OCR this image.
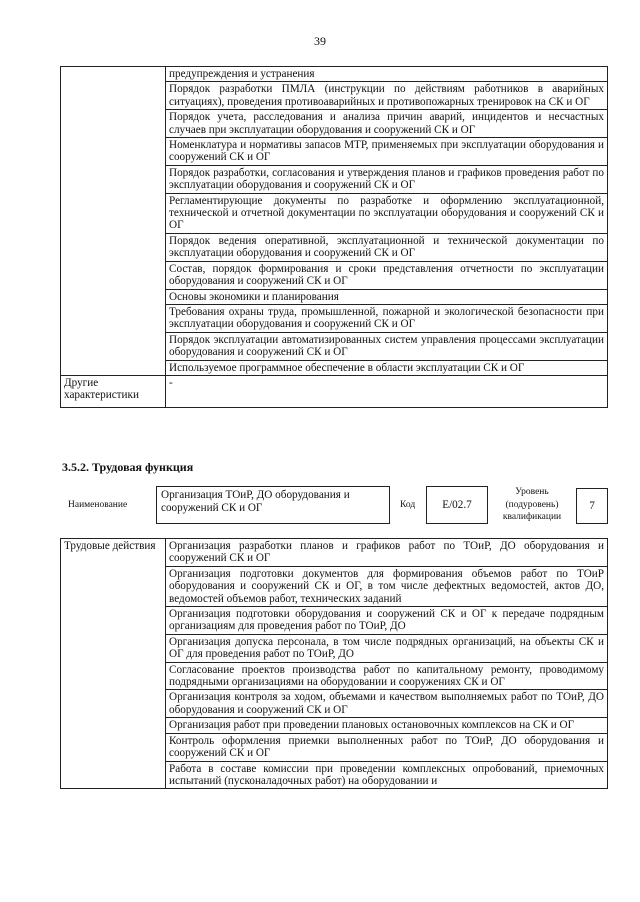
39
	предупреждения и устранения
	Порядок разработки ПМЛА (инструкции по действиям работников в аварийных ситуациях), проведения противоаварийных и противопожарных тренировок на СК и ОГ
	Порядок учета, расследования и анализа причин аварий, инцидентов и несчастных случаев при эксплуатации оборудования и сооружений СК и ОГ
	Номенклатура и нормативы запасов МТР, применяемых при эксплуатации оборудования и сооружений СК и ОГ
	Порядок разработки, согласования и утверждения планов и графиков проведения работ по эксплуатации оборудования и сооружений СК и ОГ
	Регламентирующие документы по разработке и оформлению эксплуатационной, технической и отчетной документации по эксплуатации оборудования и сооружений СК и ОГ
	Порядок ведения оперативной, эксплуатационной и технической документации по эксплуатации оборудования и сооружений СК и ОГ
	Состав, порядок формирования и сроки представления отчетности по эксплуатации оборудования и сооружений СК и ОГ
	Основы экономики и планирования
	Требования охраны труда, промышленной, пожарной и экологической безопасности при эксплуатации оборудования и сооружений СК и ОГ
	Порядок эксплуатации автоматизированных систем управления процессами эксплуатации оборудования и сооружений СК и ОГ
	Используемое программное обеспечение в области эксплуатации СК и ОГ
Другие характеристики	-
3.5.2. Трудовая функция
Наименование
Организация ТОиР, ДО оборудования и сооружений СК и ОГ	Код	E/02.7
Уровень (подуровень) квалификации
7
Трудовые действия	Организация разработки планов и графиков работ по ТОиР, ДО оборудования и сооружений СК и ОГ
Организация подготовки документов для формирования объемов работ по ТОиР оборудования и сооружений СК и ОГ, в том числе дефектных ведомостей, актов ДО, ведомостей объемов работ, технических заданий
Организация подготовки оборудования и сооружений СК и ОГ к передаче подрядным организациям для проведения работ по ТОиР, ДО
Организация допуска персонала, в том числе подрядных организаций, на объекты СК и ОГ для проведения работ по ТОиР, ДО
Согласование проектов производства работ по капитальному ремонту, проводимому подрядными организациями на оборудовании и сооружениях СК и ОГ
Организация контроля за ходом, объемами и качеством выполняемых работ по ТОиР, ДО оборудования и сооружений СК и ОГ
Организация работ при проведении плановых остановочных комплексов на СК и ОГ
Контроль оформления приемки выполненных работ по ТОиР, ДО оборудования и сооружений СК и ОГ
Работа в составе комиссии при проведении комплексных опробований, приемочных испытаний (пусконаладочных работ) на оборудовании и
